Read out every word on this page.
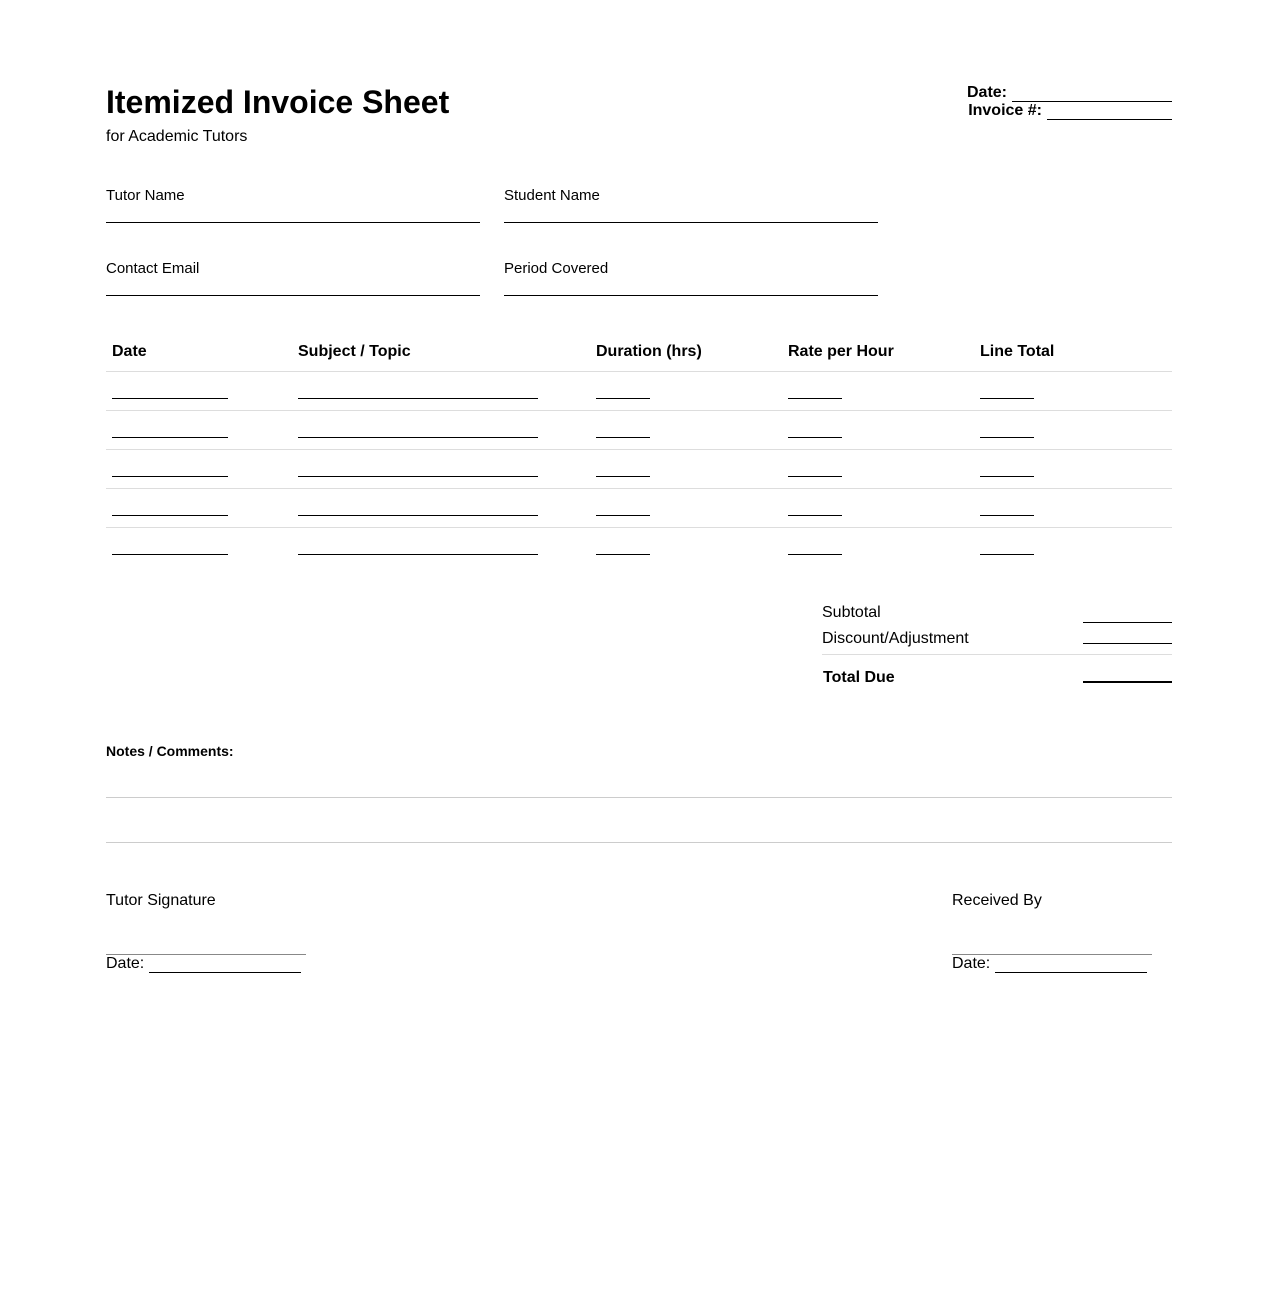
Itemized Invoice Sheet
for Academic Tutors
Date:
Invoice #:
Tutor Name	Student Name
Contact Email	Period Covered
Date	Subject / Topic	Duration (hrs)	Rate per Hour	Line Total
Subtotal
Discount/Adjustment
Total Due
Notes / Comments:
Tutor Signature
Date:
Received By
Date:
